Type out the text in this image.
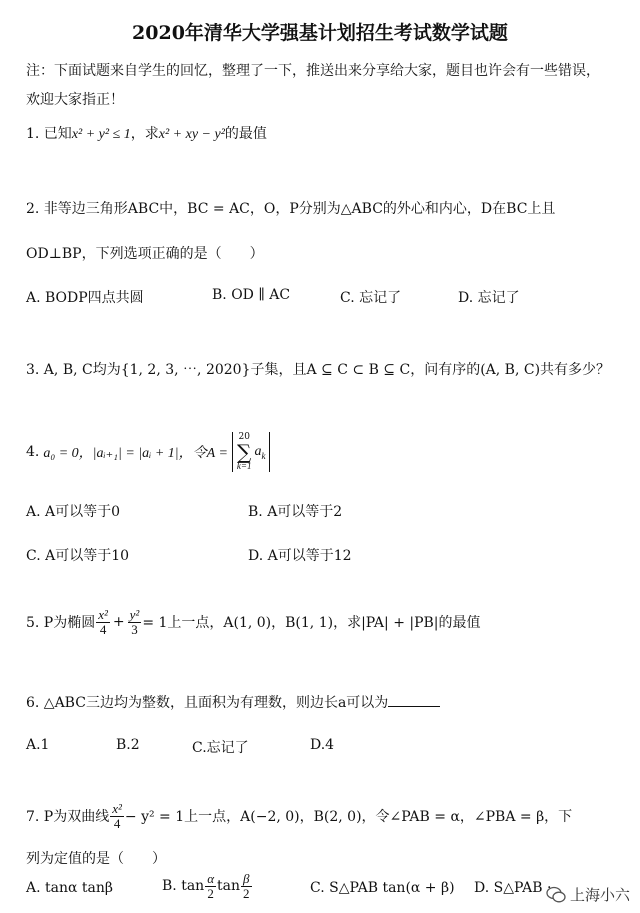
2020年清华大学强基计划招生考试数学试题
注：下面试题来自学生的回忆，整理了一下，推送出来分享给大家，题目也许会有一些错误，
欢迎大家指正！
1. 已知x² + y² ≤ 1，求x² + xy − y²的最值
2. 非等边三角形ABC中，BC = AC，O，P分别为△ABC的外心和内心，D在BC上且
OD⊥BP，下列选项正确的是（　　）
A. BODP四点共圆	B. OD ∥ AC	C. 忘记了	D. 忘记了
3. A, B, C均为{1, 2, 3, ⋯, 2020}子集，且A ⊆ C ⊂ B ⊆ C，问有序的(A, B, C)共有多少？
4. a₀ = 0，|aᵢ₊₁| = |aᵢ + 1|，令A =
20
∑
k=1
$a_k$
A. A可以等于0	B. A可以等于2
C. A可以等于10	D. A可以等于12
5. P为椭圆 $\frac{\text{x²}}{4} + \frac{\text{y²}}{3} = 1$上一点，A(1, 0)，B(1, 1)，求|PA| + |PB|的最值
6. △ABC三边均为整数，且面积为有理数，则边长a可以为
A.1	B.2	C.忘记了	D.4
7. P为双曲线 $\frac{\text{x²}}{4} - y^2 = 1$上一点，A(−2, 0)，B(2, 0)，令∠PAB = α，∠PBA = β，下
列为定值的是（　　）
A. tanα tanβ	B. $\tan \frac{\alpha}{2}$ $\tan \frac{\beta}{2}$	C. S△PAB tan(α + β) D. S△PAB · 上海小六
